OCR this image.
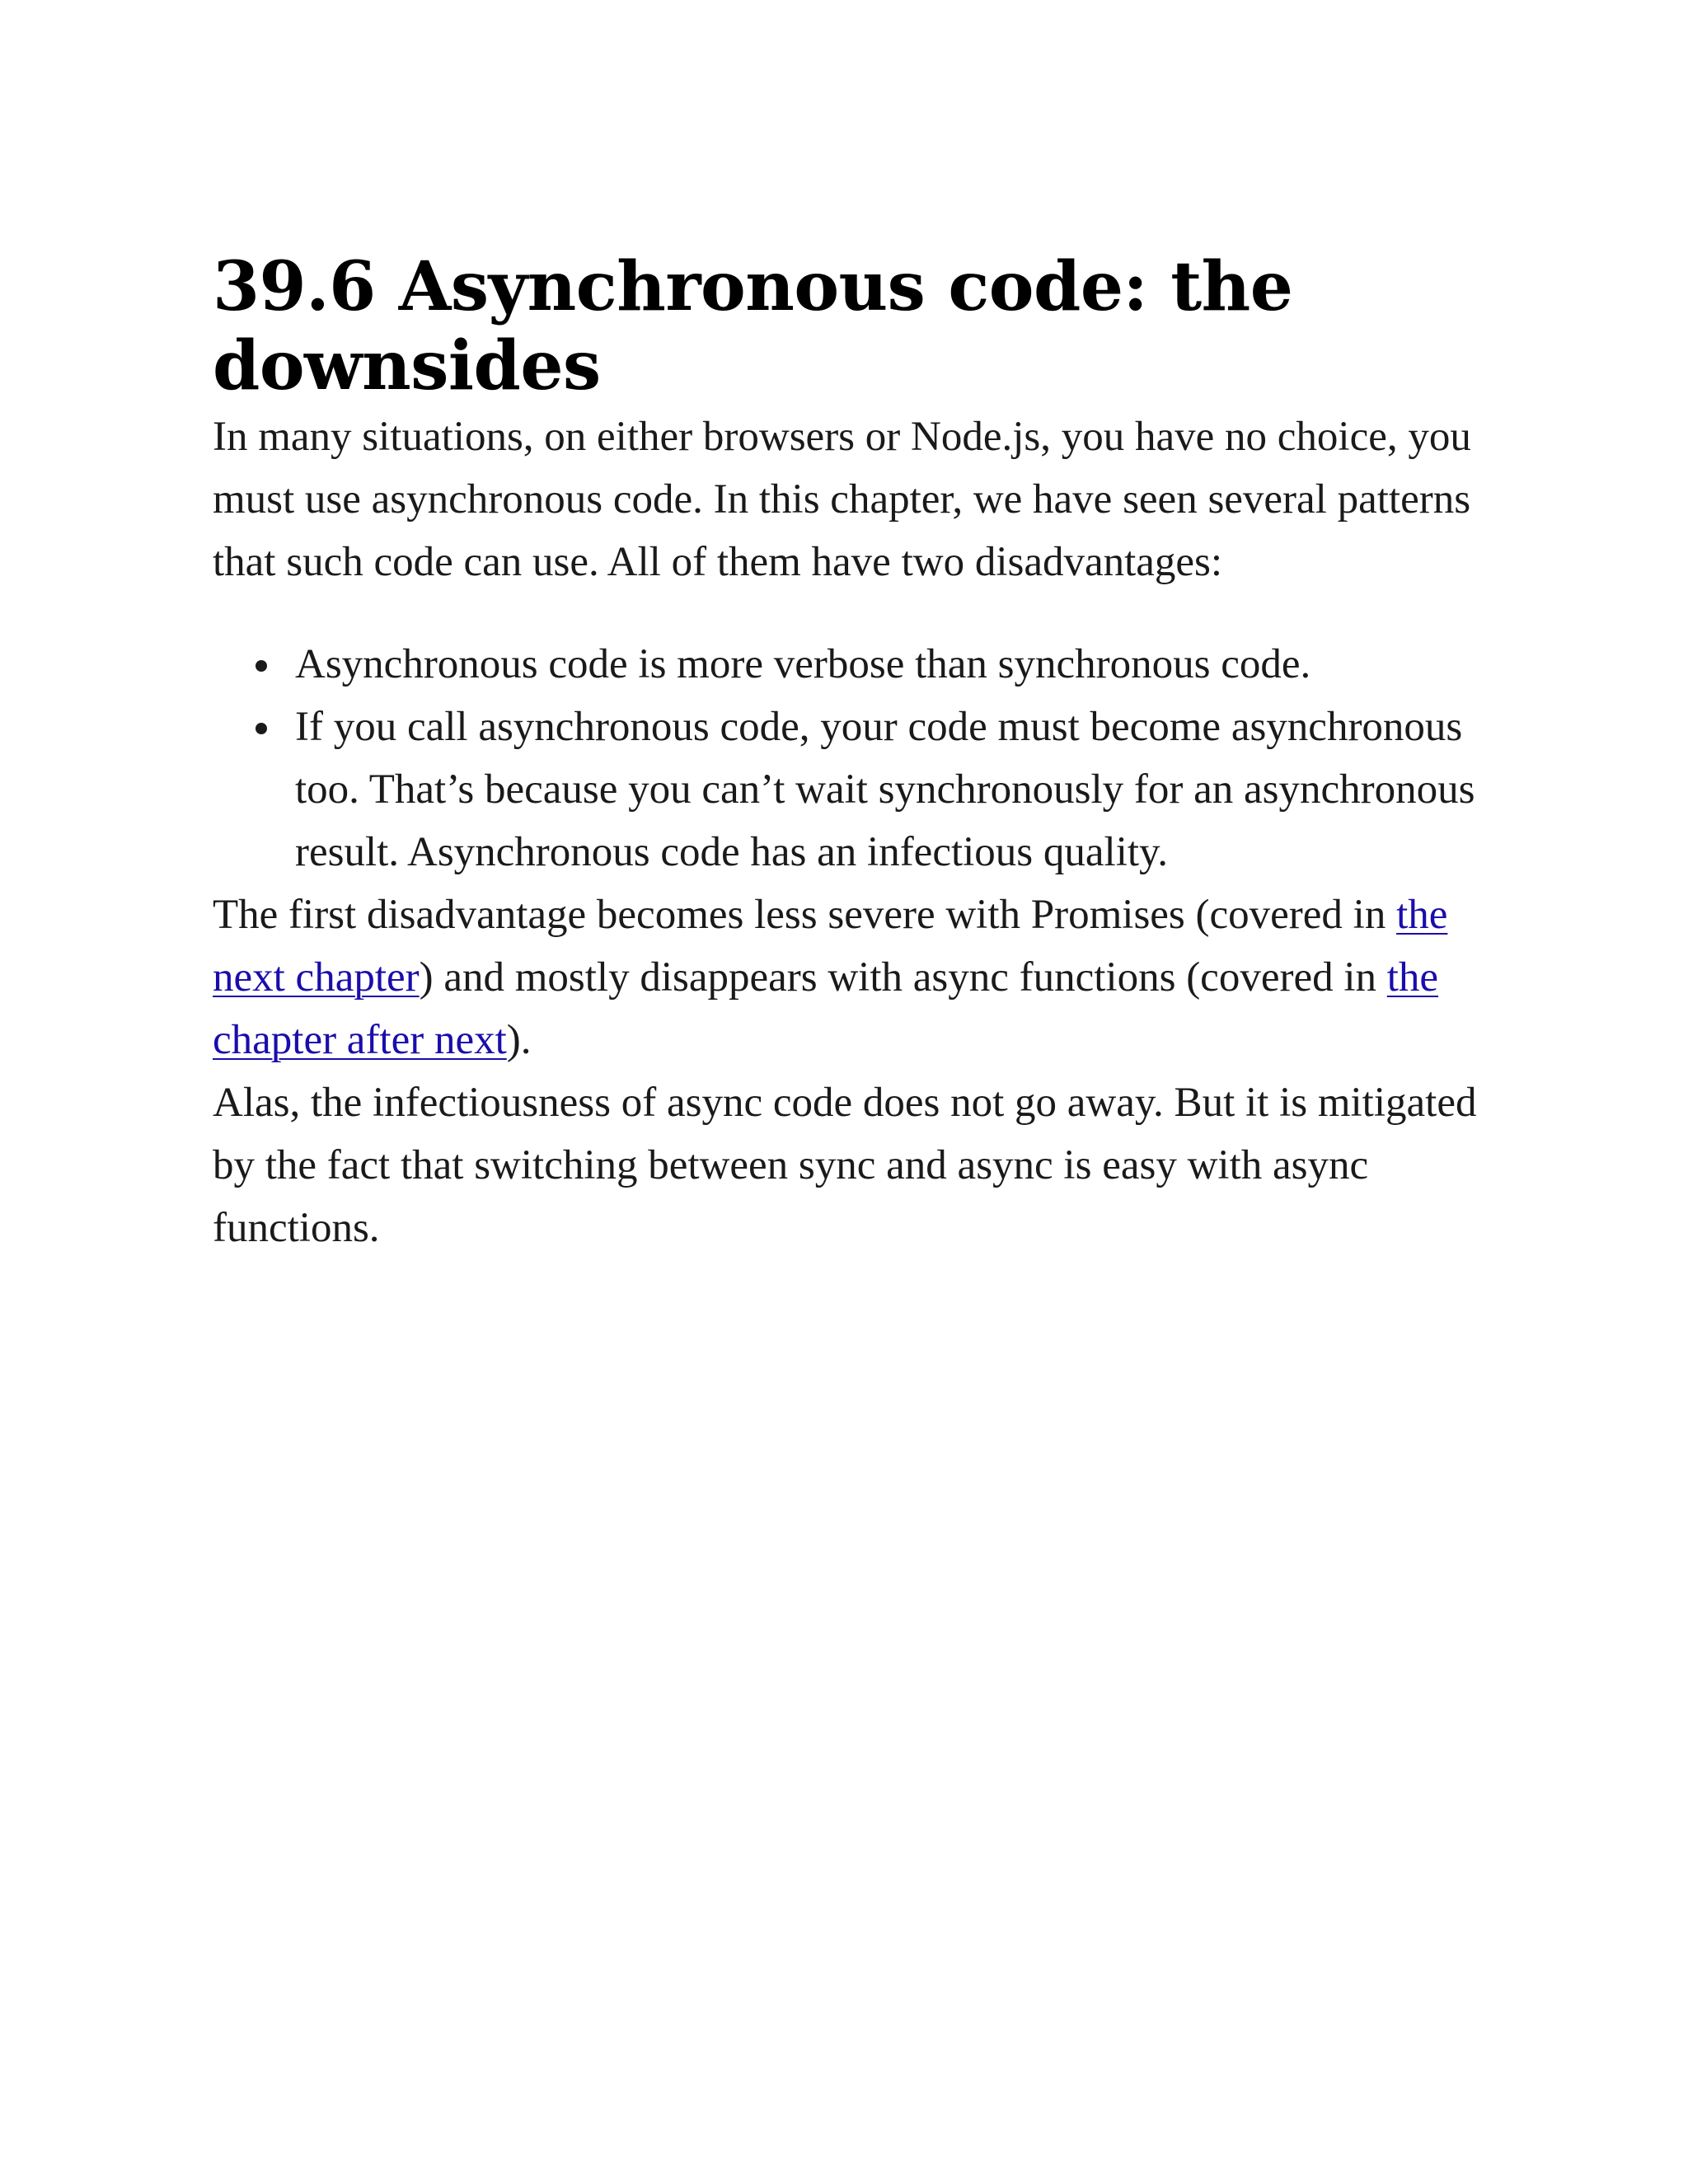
39.6 Asynchronous code: the downsides

In many situations, on either browsers or Node.js, you have no choice, you must use asynchronous code. In this chapter, we have seen several patterns that such code can use. All of them have two disadvantages:

Asynchronous code is more verbose than synchronous code.
If you call asynchronous code, your code must become asynchronous too. That’s because you can’t wait synchronously for an asynchronous result. Asynchronous code has an infectious quality.

The first disadvantage becomes less severe with Promises (covered in the next chapter) and mostly disappears with async functions (covered in the chapter after next).

Alas, the infectiousness of async code does not go away. But it is mitigated by the fact that switching between sync and async is easy with async functions.
